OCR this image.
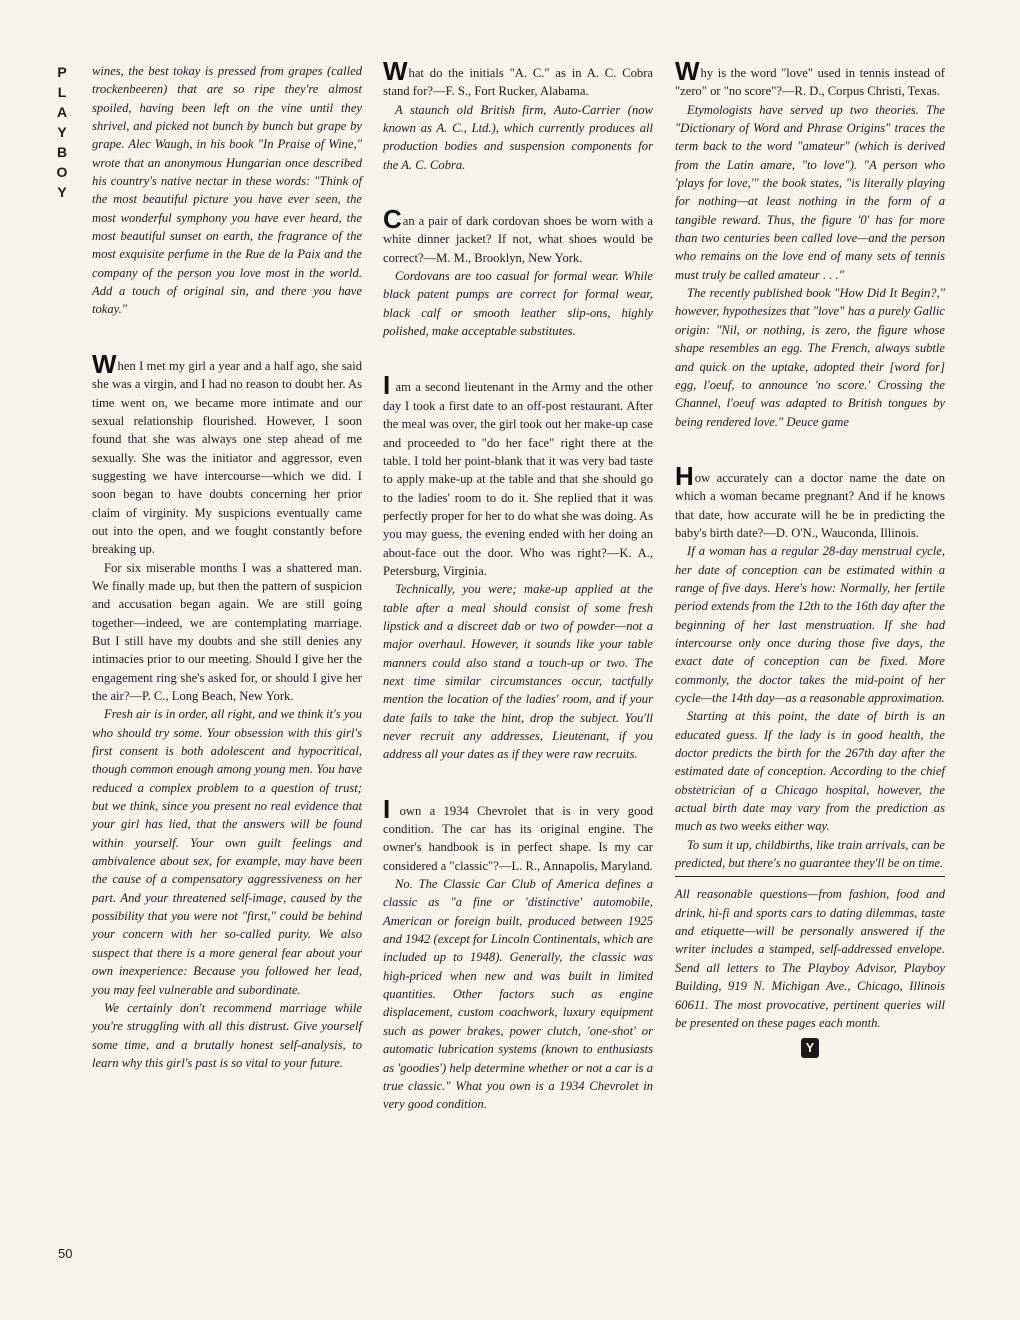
P
L
A
Y
B
O
Y
50

wines, the best tokay is pressed from grapes (called trockenbeeren) that are so ripe they're almost spoiled, having been left on the vine until they shrivel, and picked not bunch by bunch but grape by grape. Alec Waugh, in his book "In Praise of Wine," wrote that an anonymous Hungarian once described his country's native nectar in these words: "Think of the most beautiful picture you have ever seen, the most wonderful symphony you have ever heard, the most beautiful sunset on earth, the fragrance of the most exquisite perfume in the Rue de la Paix and the company of the person you love most in the world. Add a touch of original sin, and there you have tokay."

When I met my girl a year and a half ago, she said she was a virgin, and I had no reason to doubt her. As time went on, we became more intimate and our sexual relationship flourished. However, I soon found that she was always one step ahead of me sexually. She was the initiator and aggressor, even suggesting we have intercourse—which we did. I soon began to have doubts concerning her prior claim of virginity. My suspicions eventually came out into the open, and we fought constantly before breaking up.

For six miserable months I was a shattered man. We finally made up, but then the pattern of suspicion and accusation began again. We are still going together—indeed, we are contemplating marriage. But I still have my doubts and she still denies any intimacies prior to our meeting. Should I give her the engagement ring she's asked for, or should I give her the air?—P. C., Long Beach, New York.

Fresh air is in order, all right, and we think it's you who should try some. Your obsession with this girl's first consent is both adolescent and hypocritical, though common enough among young men. You have reduced a complex problem to a question of trust; but we think, since you present no real evidence that your girl has lied, that the answers will be found within yourself. Your own guilt feelings and ambivalence about sex, for example, may have been the cause of a compensatory aggressiveness on her part. And your threatened self-image, caused by the possibility that you were not "first," could be behind your concern with her so-called purity. We also suspect that there is a more general fear about your own inexperience: Because you followed her lead, you may feel vulnerable and subordinate.

We certainly don't recommend marriage while you're struggling with all this distrust. Give yourself some time, and a brutally honest self-analysis, to learn why this girl's past is so vital to your future.

What do the initials "A. C." as in A. C. Cobra stand for?—F. S., Fort Rucker, Alabama.

A staunch old British firm, Auto-Carrier (now known as A. C., Ltd.), which currently produces all production bodies and suspension components for the A. C. Cobra.

Can a pair of dark cordovan shoes be worn with a white dinner jacket? If not, what shoes would be correct?—M. M., Brooklyn, New York.

Cordovans are too casual for formal wear. While black patent pumps are correct for formal wear, black calf or smooth leather slip-ons, highly polished, make acceptable substitutes.

I am a second lieutenant in the Army and the other day I took a first date to an off-post restaurant. After the meal was over, the girl took out her make-up case and proceeded to "do her face" right there at the table. I told her point-blank that it was very bad taste to apply make-up at the table and that she should go to the ladies' room to do it. She replied that it was perfectly proper for her to do what she was doing. As you may guess, the evening ended with her doing an about-face out the door. Who was right?—K. A., Petersburg, Virginia.

Technically, you were; make-up applied at the table after a meal should consist of some fresh lipstick and a discreet dab or two of powder—not a major overhaul. However, it sounds like your table manners could also stand a touch-up or two. The next time similar circumstances occur, tactfully mention the location of the ladies' room, and if your date fails to take the hint, drop the subject. You'll never recruit any addresses, Lieutenant, if you address all your dates as if they were raw recruits.

I own a 1934 Chevrolet that is in very good condition. The car has its original engine. The owner's handbook is in perfect shape. Is my car considered a "classic"?—L. R., Annapolis, Maryland.

No. The Classic Car Club of America defines a classic as "a fine or 'distinctive' automobile, American or foreign built, produced between 1925 and 1942 (except for Lincoln Continentals, which are included up to 1948). Generally, the classic was high-priced when new and was built in limited quantities. Other factors such as engine displacement, custom coachwork, luxury equipment such as power brakes, power clutch, 'one-shot' or automatic lubrication systems (known to enthusiasts as 'goodies') help determine whether or not a car is a true classic." What you own is a 1934 Chevrolet in very good condition.

Why is the word "love" used in tennis instead of "zero" or "no score"?—R. D., Corpus Christi, Texas.

Etymologists have served up two theories. The "Dictionary of Word and Phrase Origins" traces the term back to the word "amateur" (which is derived from the Latin amare, "to love"). "A person who 'plays for love,'" the book states, "is literally playing for nothing—at least nothing in the form of a tangible reward. Thus, the figure '0' has for more than two centuries been called love—and the person who remains on the love end of many sets of tennis must truly be called amateur . . ."

The recently published book "How Did It Begin?," however, hypothesizes that "love" has a purely Gallic origin: "Nil, or nothing, is zero, the figure whose shape resembles an egg. The French, always subtle and quick on the uptake, adopted their [word for] egg, l'oeuf, to announce 'no score.' Crossing the Channel, l'oeuf was adapted to British tongues by being rendered love." Deuce game

How accurately can a doctor name the date on which a woman became pregnant? And if he knows that date, how accurate will he be in predicting the baby's birth date?—D. O'N., Wauconda, Illinois.

If a woman has a regular 28-day menstrual cycle, her date of conception can be estimated within a range of five days. Here's how: Normally, her fertile period extends from the 12th to the 16th day after the beginning of her last menstruation. If she had intercourse only once during those five days, the exact date of conception can be fixed. More commonly, the doctor takes the mid-point of her cycle—the 14th day—as a reasonable approximation.

Starting at this point, the date of birth is an educated guess. If the lady is in good health, the doctor predicts the birth for the 267th day after the estimated date of conception. According to the chief obstetrician of a Chicago hospital, however, the actual birth date may vary from the prediction as much as two weeks either way.

To sum it up, childbirths, like train arrivals, can be predicted, but there's no guarantee they'll be on time.

All reasonable questions—from fashion, food and drink, hi-fi and sports cars to dating dilemmas, taste and etiquette—will be personally answered if the writer includes a stamped, self-addressed envelope. Send all letters to The Playboy Advisor, Playboy Building, 919 N. Michigan Ave., Chicago, Illinois 60611. The most provocative, pertinent queries will be presented on these pages each month.

Y
